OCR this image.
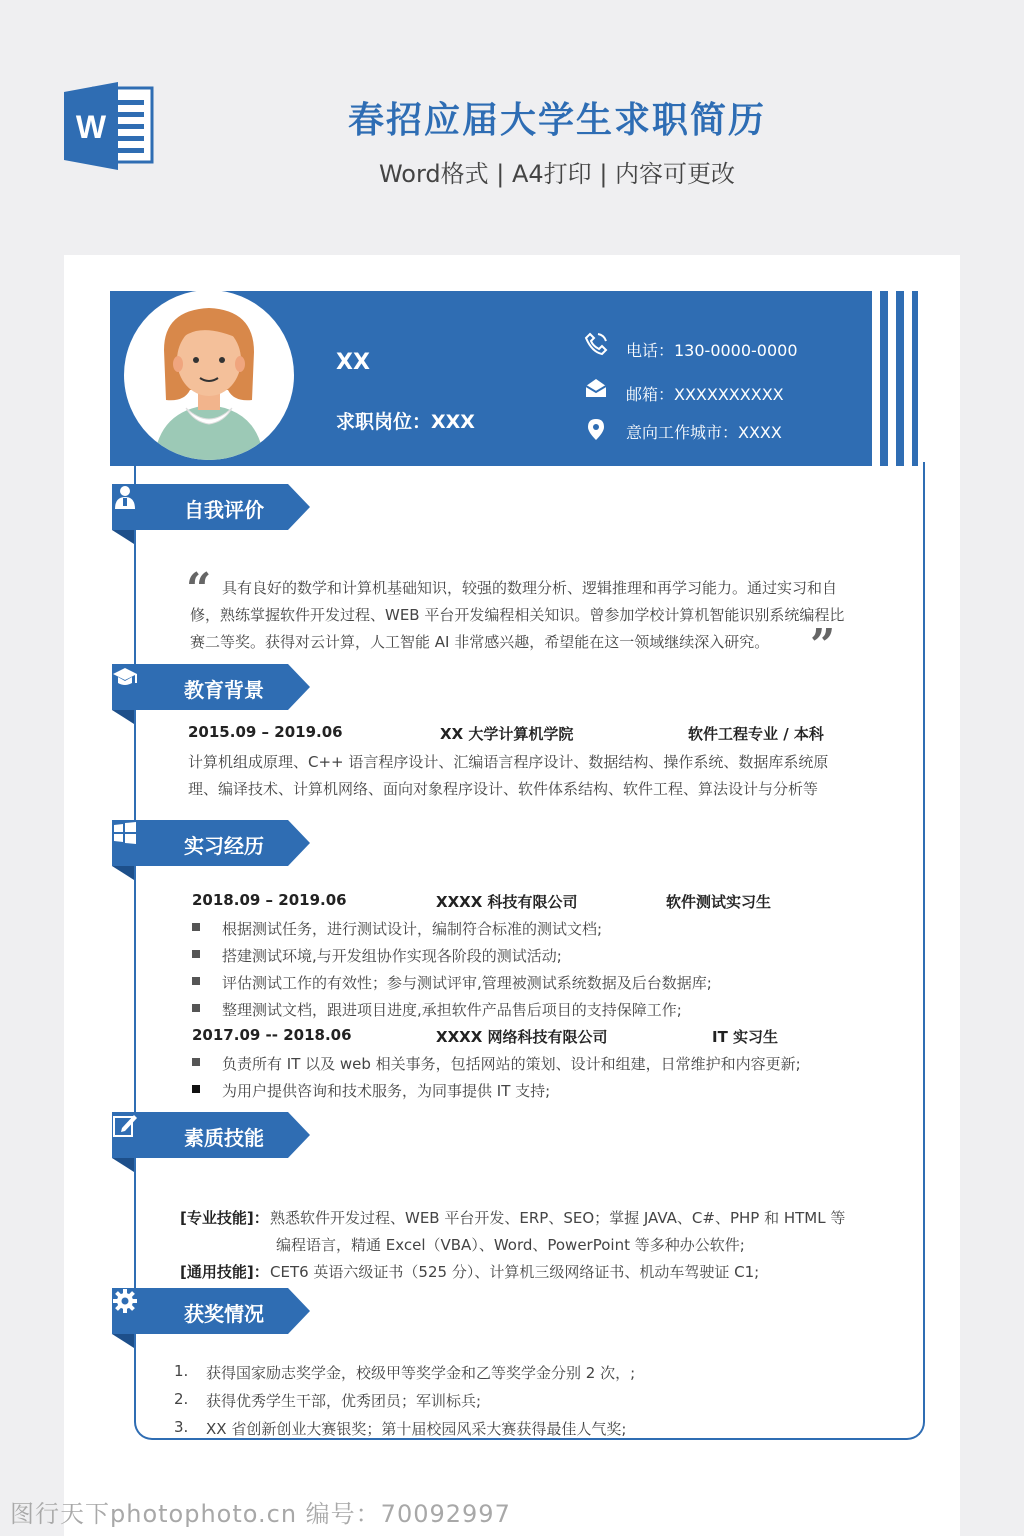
W	春招应届大学生求职简历
Word格式 | A4打印 | 内容可更改
XX
求职岗位：XXX
电话：130-0000-0000
邮箱：XXXXXXXXXX
意向工作城市：XXXX
自我评价
“ 具有良好的数学和计算机基础知识，较强的数理分析、逻辑推理和再学习能力。通过实习和自
修，熟练掌握软件开发过程、WEB 平台开发编程相关知识。曾参加学校计算机智能识别系统编程比
赛二等奖。获得对云计算，人工智能 AI 非常感兴趣，希望能在这一领域继续深入研究。 ”
教育背景
2015.09 – 2019.06	XX 大学计算机学院	软件工程专业 / 本科
计算机组成原理、C++ 语言程序设计、汇编语言程序设计、数据结构、操作系统、数据库系统原
理、编译技术、计算机网络、面向对象程序设计、软件体系结构、软件工程、算法设计与分析等
实习经历
2018.09 – 2019.06	XXXX 科技有限公司	软件测试实习生
根据测试任务，进行测试设计，编制符合标准的测试文档;
搭建测试环境,与开发组协作实现各阶段的测试活动;
评估测试工作的有效性；参与测试评审,管理被测试系统数据及后台数据库;
整理测试文档，跟进项目进度,承担软件产品售后项目的支持保障工作;
2017.09 -- 2018.06	XXXX 网络科技有限公司	IT 实习生
负责所有 IT 以及 web 相关事务，包括网站的策划、设计和组建，日常维护和内容更新;
为用户提供咨询和技术服务，为同事提供 IT 支持;
素质技能
[专业技能]： 熟悉软件开发过程、WEB 平台开发、ERP、SEO；掌握 JAVA、C#、PHP 和 HTML 等
编程语言，精通 Excel（VBA）、Word、PowerPoint 等多种办公软件;
[通用技能]： CET6 英语六级证书（525 分）、计算机三级网络证书、机动车驾驶证 C1;
获奖情况
1. 获得国家励志奖学金，校级甲等奖学金和乙等奖学金分别 2 次，;
2. 获得优秀学生干部，优秀团员；军训标兵;
3. XX 省创新创业大赛银奖；第十届校园风采大赛获得最佳人气奖;
图行天下photophoto.cn 编号：70092997
